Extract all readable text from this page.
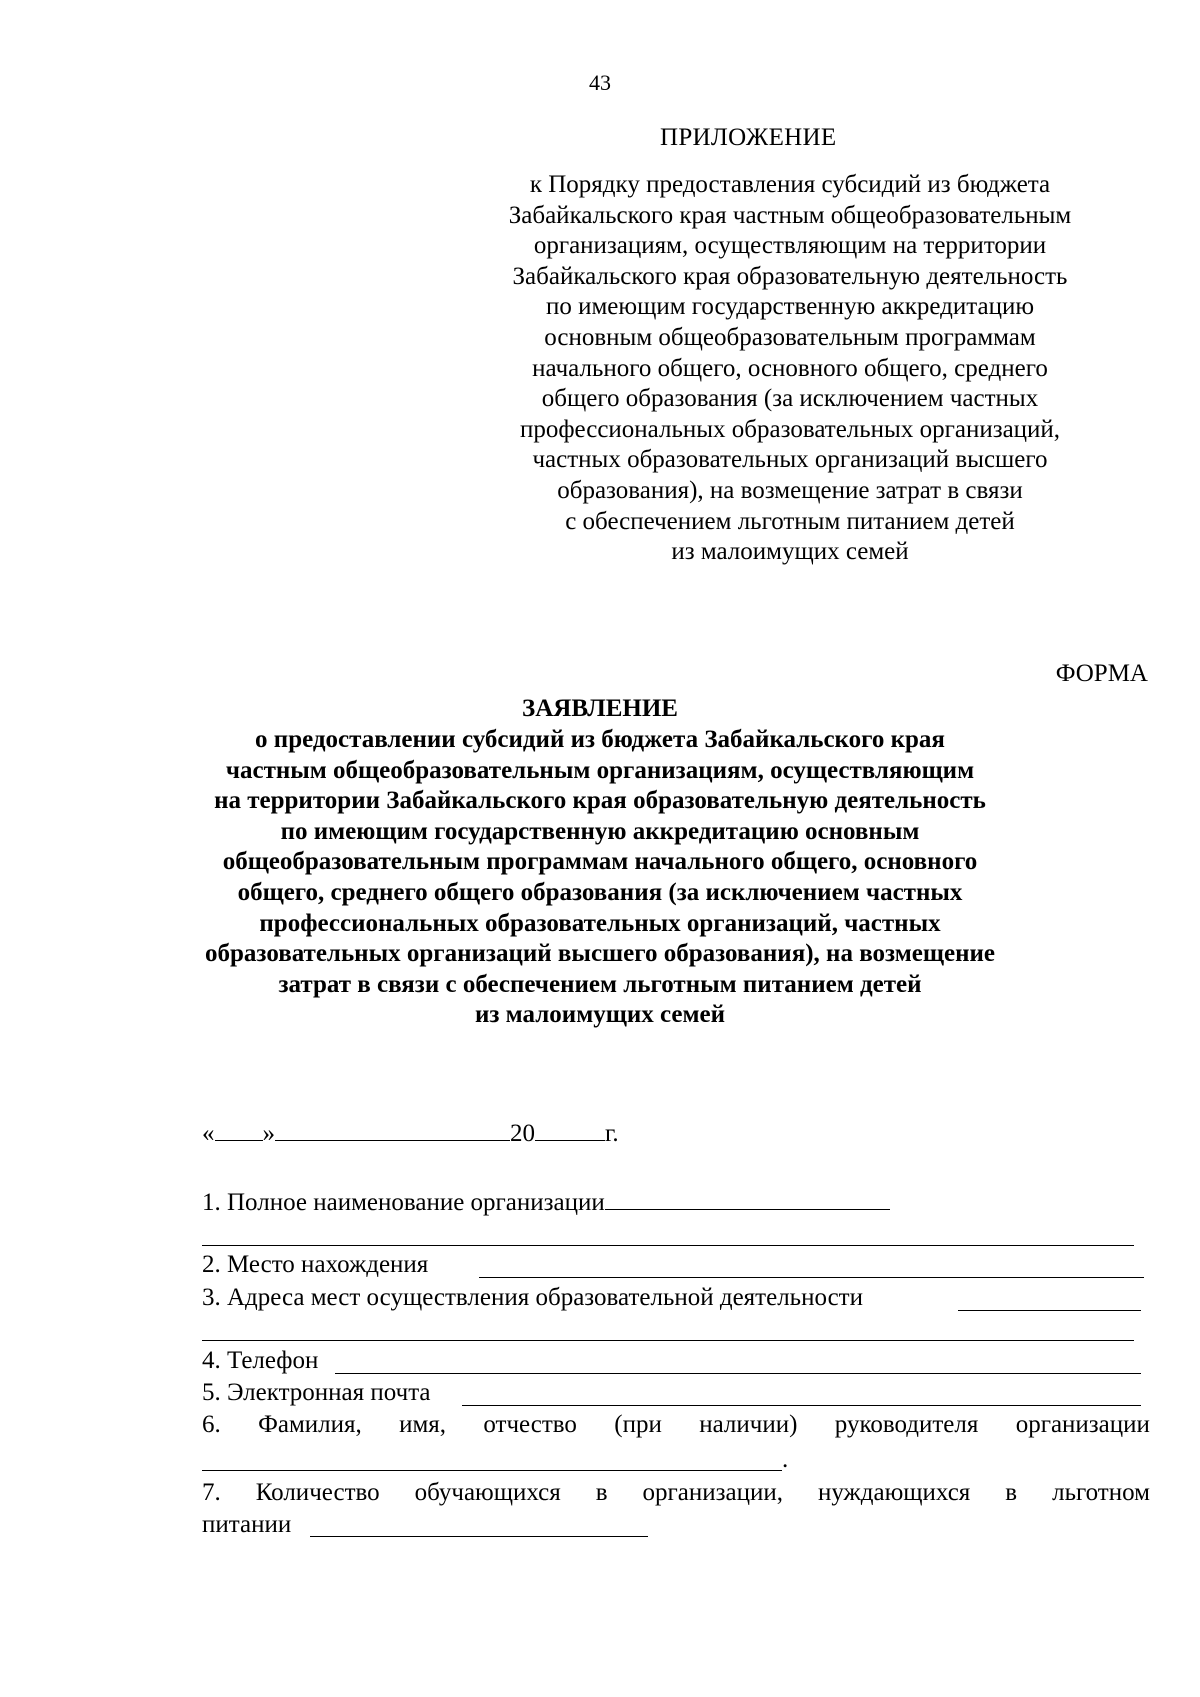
43
ПРИЛОЖЕНИЕ
к Порядку предоставления субсидий из бюджета
Забайкальского края частным общеобразовательным
организациям, осуществляющим на территории
Забайкальского края образовательную деятельность
по имеющим государственную аккредитацию
основным общеобразовательным программам
начального общего, основного общего, среднего
общего образования (за исключением частных
профессиональных образовательных организаций,
частных образовательных организаций высшего
образования), на возмещение затрат в связи
с обеспечением льготным питанием детей
из малоимущих семей
ФОРМА
ЗАЯВЛЕНИЕ
о предоставлении субсидий из бюджета Забайкальского края
частным общеобразовательным организациям, осуществляющим
на территории Забайкальского края образовательную деятельность
по имеющим государственную аккредитацию основным
общеобразовательным программам начального общего, основного
общего, среднего общего образования (за исключением частных
профессиональных образовательных организаций, частных
образовательных организаций высшего образования), на возмещение
затрат в связи с обеспечением льготным питанием детей
из малоимущих семей
« »	20	г.
1. Полное наименование организации
2. Место нахождения
3. Адреса мест осуществления образовательной деятельности
4. Телефон
5. Электронная почта
6. Фамилия, имя, отчество (при наличии) руководителя организации
.
7. Количество обучающихся в организации, нуждающихся в льготном
питании
